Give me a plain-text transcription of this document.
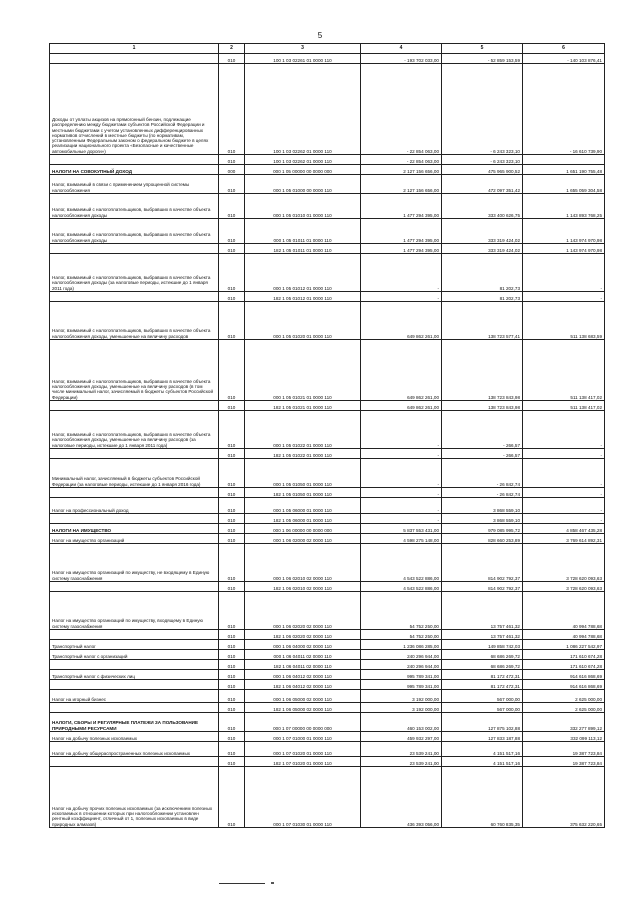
5
1	2	3	4	5	6
	010	100 1 03 02261 01 0000 110	- 193 702 033,00	- 52 859 153,59	- 140 103 876,41
Доходы от уплаты акцизов на прямогонный бензин, подлежащие распределению между бюджетами субъектов Российской Федерации и местными бюджетами с учетом установленных дифференцированных нормативов отчислений в местные бюджеты (по нормативам, установленным Федеральным законом о федеральном бюджете в целях реализации национального проекта «Безопасные и качественные автомобильные дороги»)	010	100 1 03 02262 01 0000 110	- 22 854 063,00	- 6 243 323,10	- 16 610 739,90
	010	100 1 03 02262 01 0000 110	- 22 854 063,00	- 6 243 323,10	
НАЛОГИ НА СОВОКУПНЫЙ ДОХОД	000	000 1 05 00000 00 0000 000	2 127 156 656,00	475 965 900,52	1 651 190 755,48
Налог, взимаемый в связи с применением упрощенной системы налогообложения	010	000 1 05 01000 00 0000 110	2 127 156 656,00	472 097 351,42	1 655 059 304,58
Налог, взимаемый с налогоплательщиков, выбравших в качестве объекта налогообложения доходы	010	000 1 05 01010 01 0000 110	1 477 294 395,00	333 400 626,75	1 143 893 768,25
Налог, взимаемый с налогоплательщиков, выбравших в качестве объекта налогообложения доходы	010	000 1 05 01011 01 0000 110	1 477 294 395,00	333 319 424,02	1 143 974 970,98
	010	182 1 05 01011 01 0000 110	1 477 294 395,00	333 319 424,02	1 143 974 970,98
Налог, взимаемый с налогоплательщиков, выбравших в качестве объекта налогообложения доходы (за налоговые периоды, истекшие до 1 января 2011 года)	010	000 1 05 01012 01 0000 110	-	81 202,73	-
	010	182 1 05 01012 01 0000 110	-	81 202,73	-
Налог, взимаемый с налогоплательщиков, выбравших в качестве объекта налогообложения доходы, уменьшенные на величину расходов	010	000 1 05 01020 01 0000 110	649 862 261,00	138 723 577,41	511 138 683,59
Налог, взимаемый с налогоплательщиков, выбравших в качестве объекта налогообложения доходы, уменьшенные на величину расходов (в том числе минимальный налог, зачисляемый в бюджеты субъектов Российской Федерации)	010	000 1 05 01021 01 0000 110	649 862 261,00	138 723 843,98	511 138 417,02
	010	182 1 05 01021 01 0000 110	649 862 261,00	138 723 843,98	511 138 417,02
Налог, взимаемый с налогоплательщиков, выбравших в качестве объекта налогообложения доходы, уменьшенные на величину расходов (за налоговые периоды, истекшие до 1 января 2011 года)	010	000 1 05 01022 01 0000 110	-	- 266,57	-
	010	182 1 05 01022 01 0000 110	-	- 266,57	-
Минимальный налог, зачисляемый в бюджеты субъектов Российской Федерации (за налоговые периоды, истекшие до 1 января 2016 года)	010	000 1 05 01050 01 0000 110	-	- 26 842,74	-
	010	182 1 05 01050 01 0000 110	-	- 26 842,74	-
Налог на профессиональный доход	010	000 1 05 06000 01 0000 110	-	3 868 559,10	-
	010	182 1 05 06000 01 0000 110	-	3 868 559,10	-
НАЛОГИ НА ИМУЩЕСТВО	010	000 1 06 00000 00 0000 000	5 837 553 431,00	979 085 995,72	4 858 467 435,28
Налог на имущество организаций	010	000 1 06 02000 02 0000 110	4 598 275 148,00	828 660 253,89	3 769 614 892,31
Налог на имущество организаций по имуществу, не входящему в Единую систему газоснабжения	010	000 1 06 02010 02 0000 110	4 543 522 886,00	814 902 792,37	3 728 620 093,63
	010	182 1 06 02010 02 0000 110	4 543 522 886,00	814 902 792,37	3 728 620 093,63
Налог на имущество организаций по имуществу, входящему в Единую систему газоснабжения	010	000 1 06 02020 02 0000 110	54 752 250,00	13 757 461,32	40 994 788,68
	010	182 1 06 02020 02 0000 110	54 752 250,00	13 757 461,32	40 994 788,68
Транспортный налог	010	000 1 06 04000 02 0000 110	1 236 086 285,00	149 858 742,03	1 086 227 542,97
Транспортный налог с организаций	010	000 1 06 04011 02 0000 110	240 296 944,00	68 686 269,72	171 610 674,28
	010	182 1 06 04011 02 0000 110	240 296 944,00	68 686 269,72	171 610 674,28
Транспортный налог с физических лиц	010	000 1 06 04012 02 0000 110	995 789 341,00	81 172 472,31	914 616 868,69
	010	182 1 06 04012 02 0000 110	995 789 341,00	81 172 472,31	914 616 868,69
Налог на игорный бизнес	010	000 1 06 05000 02 0000 110	3 192 000,00	567 000,00	2 625 000,00
	010	182 1 06 05000 02 0000 110	3 192 000,00	567 000,00	2 625 000,00
НАЛОГИ, СБОРЫ И РЕГУЛЯРНЫЕ ПЛАТЕЖИ ЗА ПОЛЬЗОВАНИЕ ПРИРОДНЫМИ РЕСУРСАМИ	010	000 1 07 00000 00 0000 000	460 153 002,00	127 875 102,88	332 277 899,12
Налог на добычу полезных ископаемых	010	000 1 07 01000 01 0000 110	459 932 297,00	127 833 187,88	332 099 113,12
Налог на добычу общераспространенных полезных ископаемых	010	000 1 07 01020 01 0000 110	23 539 241,00	4 151 517,16	19 387 723,84
	010	182 1 07 01020 01 0000 110	23 539 241,00	4 151 517,16	19 387 723,84
Налог на добычу прочих полезных ископаемых (за исключением полезных ископаемых в отношении которых при налогообложении установлен рентный коэффициент, отличный от 1, полезных ископаемых в виде природных алмазов)	010	000 1 07 01030 01 0000 110	436 393 056,00	60 760 835,35	375 632 220,65
